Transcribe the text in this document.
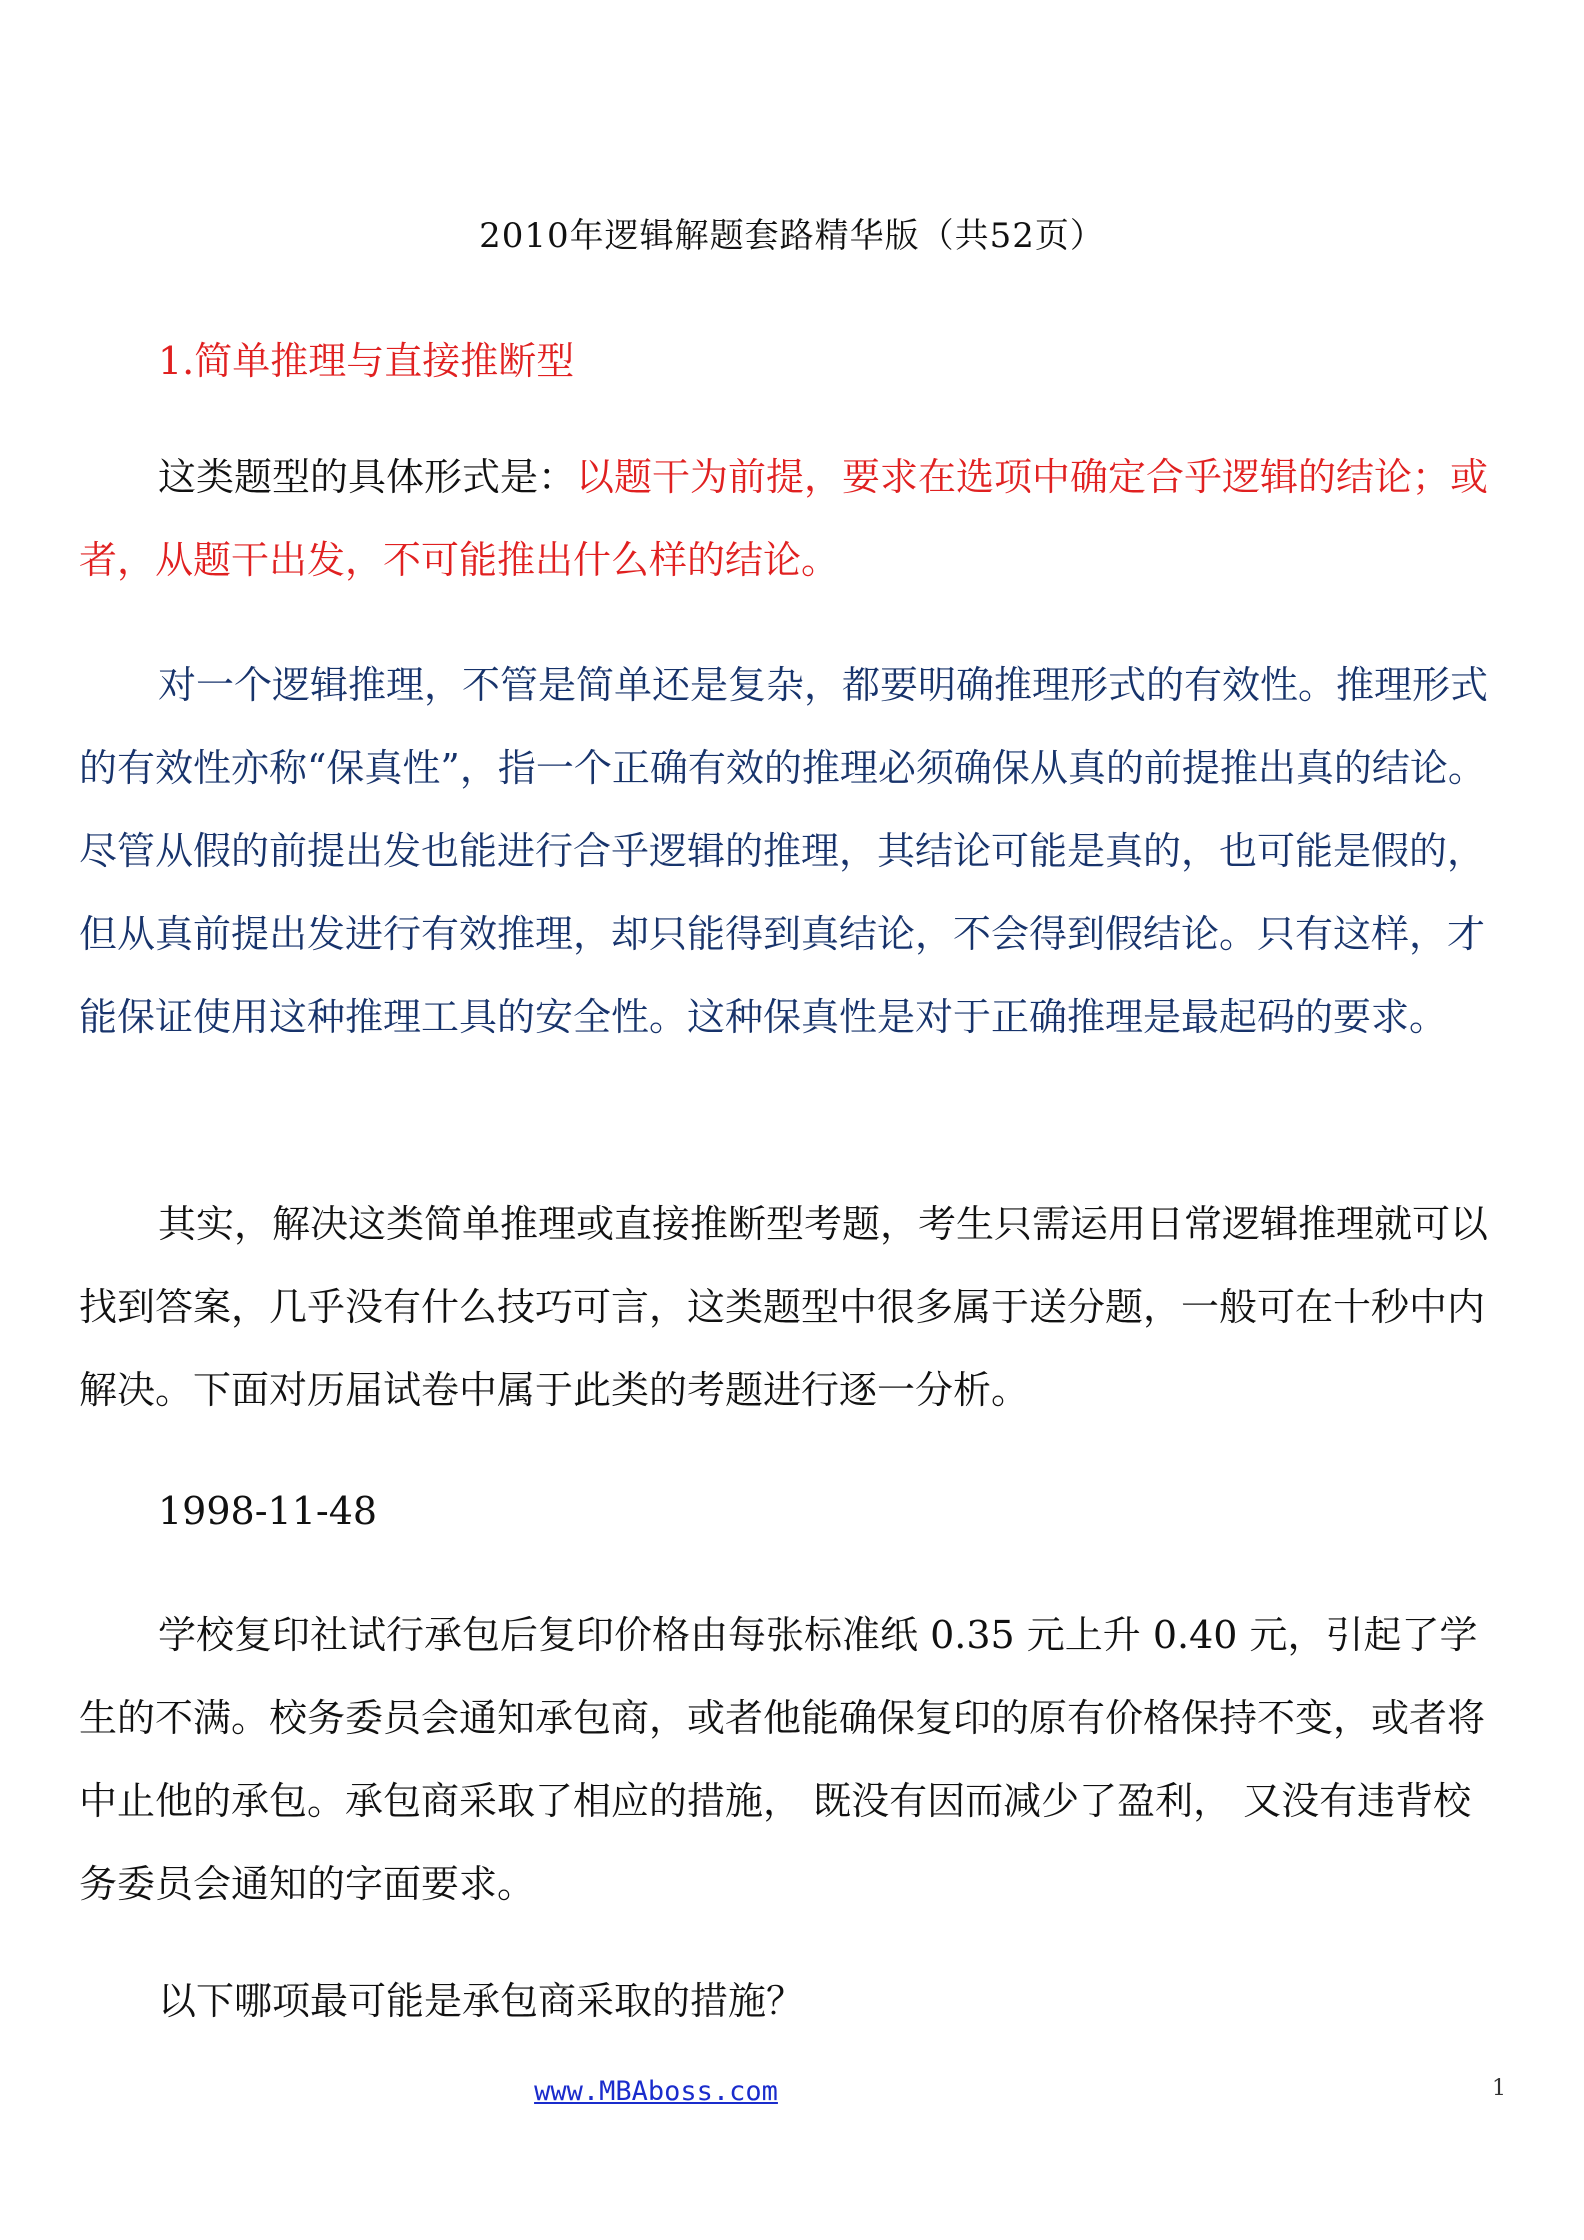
2010年逻辑解题套路精华版（共52页）
1.简单推理与直接推断型

这类题型的具体形式是：以题干为前提，要求在选项中确定合乎逻辑的结论；或者，从题干出发，不可能推出什么样的结论。

对一个逻辑推理，不管是简单还是复杂，都要明确推理形式的有效性。推理形式的有效性亦称“保真性”，指一个正确有效的推理必须确保从真的前提推出真的结论。尽管从假的前提出发也能进行合乎逻辑的推理，其结论可能是真的，也可能是假的，但从真前提出发进行有效推理，却只能得到真结论，不会得到假结论。只有这样，才能保证使用这种推理工具的安全性。这种保真性是对于正确推理是最起码的要求。

其实，解决这类简单推理或直接推断型考题，考生只需运用日常逻辑推理就可以找到答案，几乎没有什么技巧可言，这类题型中很多属于送分题，一般可在十秒中内解决。下面对历届试卷中属于此类的考题进行逐一分析。

1998-11-48

学校复印社试行承包后复印价格由每张标准纸 0.35 元上升 0.40 元，引起了学生的不满。校务委员会通知承包商，或者他能确保复印的原有价格保持不变，或者将中止他的承包。承包商采取了相应的措施， 既没有因而减少了盈利， 又没有违背校务委员会通知的字面要求。

以下哪项最可能是承包商采取的措施？

www.MBAboss.com	1
